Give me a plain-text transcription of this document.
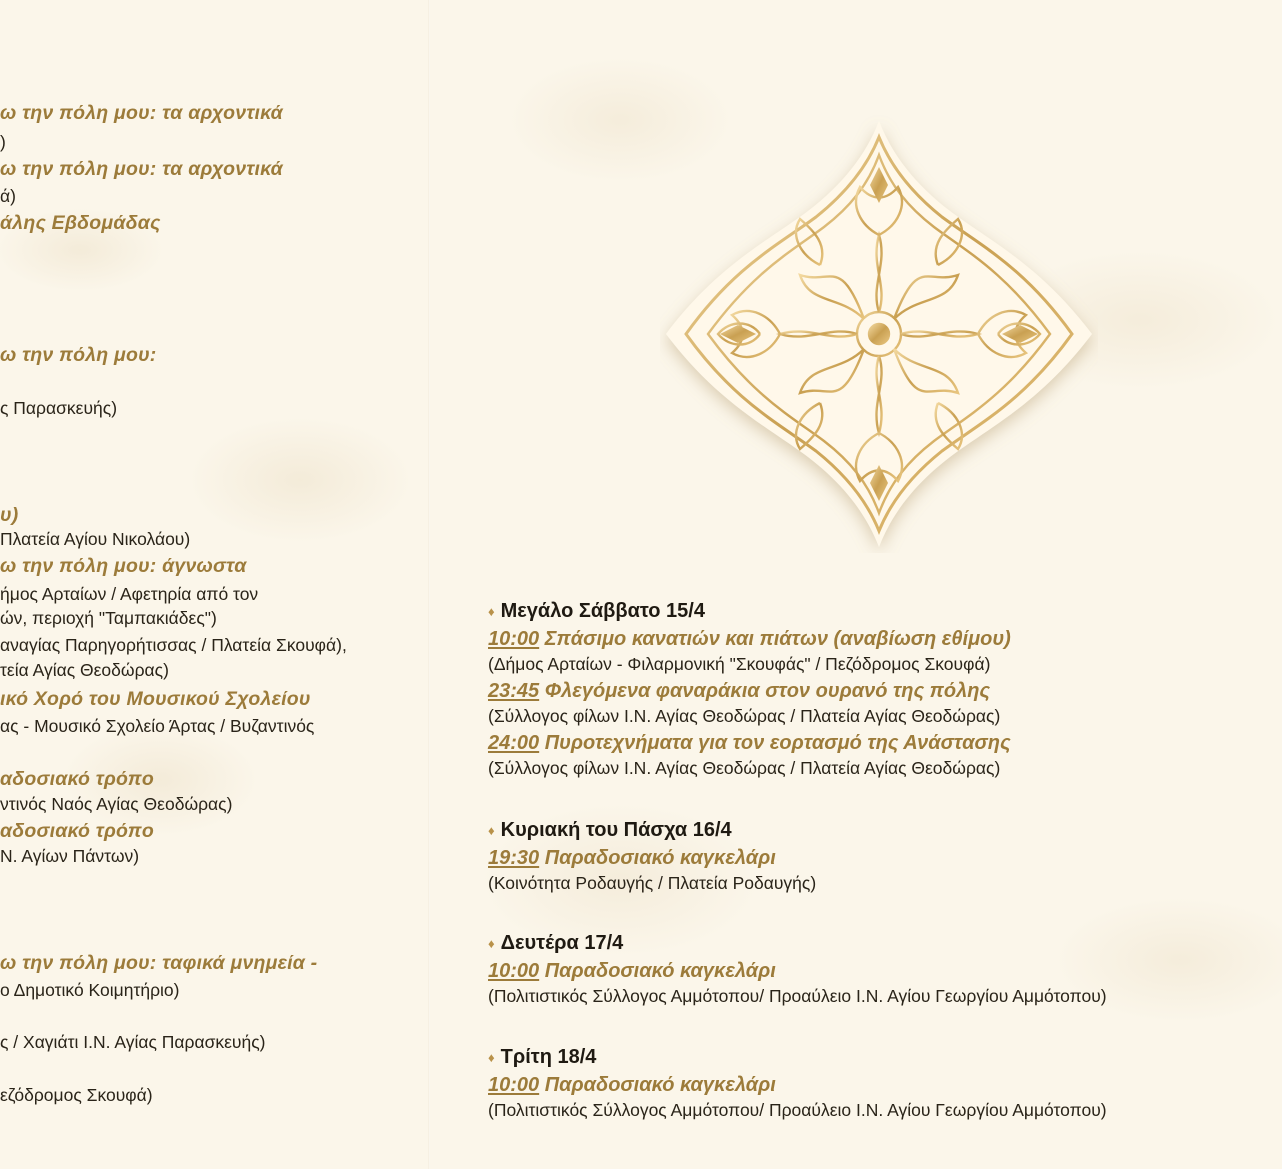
ω την πόλη μου: τα αρχοντικά
)
ω την πόλη μου: τα αρχοντικά
ά)
άλης Εβδομάδας
ω την πόλη μου:
ς Παρασκευής)
υ)
Πλατεία Αγίου Νικολάου)
ω την πόλη μου: άγνωστα
ήμος Αρταίων / Αφετηρία από τον
ών, περιοχή "Ταμπακιάδες")
αναγίας Παρηγορήτισσας / Πλατεία Σκουφά),
τεία Αγίας Θεοδώρας)
ικό Χορό του Μουσικού Σχολείου
ας - Μουσικό Σχολείο Άρτας / Βυζαντινός
αδοσιακό τρόπο
ντινός Ναός Αγίας Θεοδώρας)
αδοσιακό τρόπο
Ν. Αγίων Πάντων)
ω την πόλη μου: ταφικά μνημεία -
ο Δημοτικό Κοιμητήριο)
ς / Χαγιάτι Ι.Ν. Αγίας Παρασκευής)
εζόδρομος Σκουφά)
♦ Μεγάλο Σάββατο 15/4
10:00 Σπάσιμο κανατιών και πιάτων (αναβίωση εθίμου)
(Δήμος Αρταίων - Φιλαρμονική "Σκουφάς" / Πεζόδρομος Σκουφά)
23:45 Φλεγόμενα φαναράκια στον ουρανό της πόλης
(Σύλλογος φίλων Ι.Ν. Αγίας Θεοδώρας / Πλατεία Αγίας Θεοδώρας)
24:00 Πυροτεχνήματα για τον εορτασμό της Ανάστασης
(Σύλλογος φίλων Ι.Ν. Αγίας Θεοδώρας / Πλατεία Αγίας Θεοδώρας)
♦ Κυριακή του Πάσχα 16/4
19:30 Παραδοσιακό καγκελάρι
(Κοινότητα Ροδαυγής / Πλατεία Ροδαυγής)
♦ Δευτέρα 17/4
10:00 Παραδοσιακό καγκελάρι
(Πολιτιστικός Σύλλογος Αμμότοπου/ Προαύλειο Ι.Ν. Αγίου Γεωργίου Αμμότοπου)
♦ Τρίτη 18/4
10:00 Παραδοσιακό καγκελάρι
(Πολιτιστικός Σύλλογος Αμμότοπου/ Προαύλειο Ι.Ν. Αγίου Γεωργίου Αμμότοπου)
